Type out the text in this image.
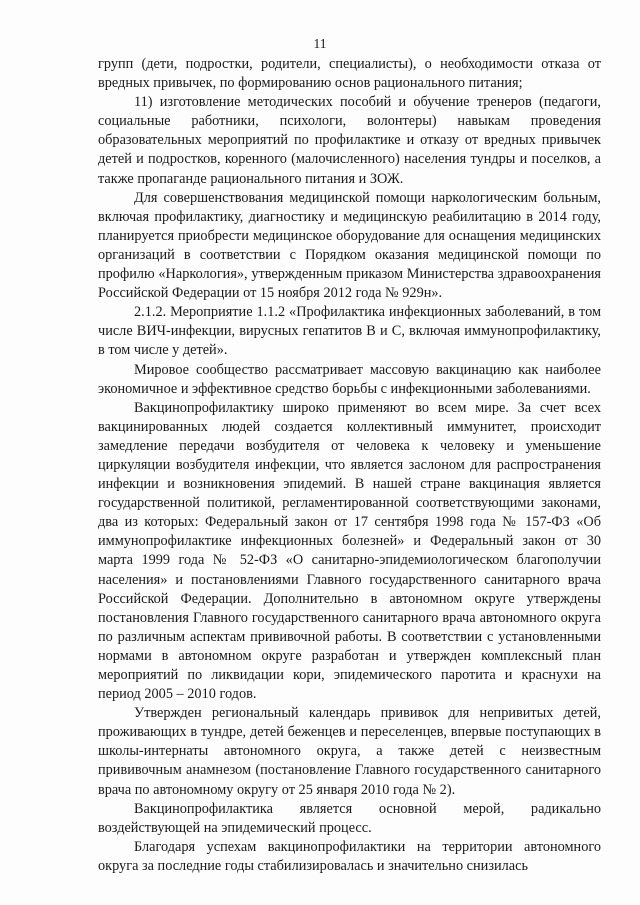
11

групп (дети, подростки, родители, специалисты), о необходимости отказа от вредных привычек, по формированию основ рационального питания;

11) изготовление методических пособий и обучение тренеров (педагоги, социальные работники, психологи, волонтеры) навыкам проведения образовательных мероприятий по профилактике и отказу от вредных привычек детей и подростков, коренного (малочисленного) населения тундры и поселков, а также пропаганде рационального питания и ЗОЖ.

Для совершенствования медицинской помощи наркологическим больным, включая профилактику, диагностику и медицинскую реабилитацию в 2014 году, планируется приобрести медицинское оборудование для оснащения медицинских организаций в соответствии с Порядком оказания медицинской помощи по профилю «Наркология», утвержденным приказом Министерства здравоохранения Российской Федерации от 15 ноября 2012 года № 929н».

2.1.2. Мероприятие 1.1.2 «Профилактика инфекционных заболеваний, в том числе ВИЧ-инфекции, вирусных гепатитов В и С, включая иммунопрофилактику, в том числе у детей».

Мировое сообщество рассматривает массовую вакцинацию как наиболее экономичное и эффективное средство борьбы с инфекционными заболеваниями.

Вакцинопрофилактику широко применяют во всем мире. За счет всех вакцинированных людей создается коллективный иммунитет, происходит замедление передачи возбудителя от человека к человеку и уменьшение циркуляции возбудителя инфекции, что является заслоном для распространения инфекции и возникновения эпидемий. В нашей стране вакцинация является государственной политикой, регламентированной соответствующими законами, два из которых: Федеральный закон от 17 сентября 1998 года № 157-ФЗ «Об иммунопрофилактике инфекционных болезней» и Федеральный закон от 30 марта 1999 года № 52-ФЗ «О санитарно-эпидемиологическом благополучии населения» и постановлениями Главного государственного санитарного врача Российской Федерации. Дополнительно в автономном округе утверждены постановления Главного государственного санитарного врача автономного округа по различным аспектам прививочной работы. В соответствии с установленными нормами в автономном округе разработан и утвержден комплексный план мероприятий по ликвидации кори, эпидемического паротита и краснухи на период 2005 – 2010 годов.

Утвержден региональный календарь прививок для непривитых детей, проживающих в тундре, детей беженцев и переселенцев, впервые поступающих в школы-интернаты автономного округа, а также детей с неизвестным прививочным анамнезом (постановление Главного государственного санитарного врача по автономному округу от 25 января 2010 года № 2).

Вакцинопрофилактика является основной мерой, радикально воздействующей на эпидемический процесс.

Благодаря успехам вакцинопрофилактики на территории автономного округа за последние годы стабилизировалась и значительно снизилась
